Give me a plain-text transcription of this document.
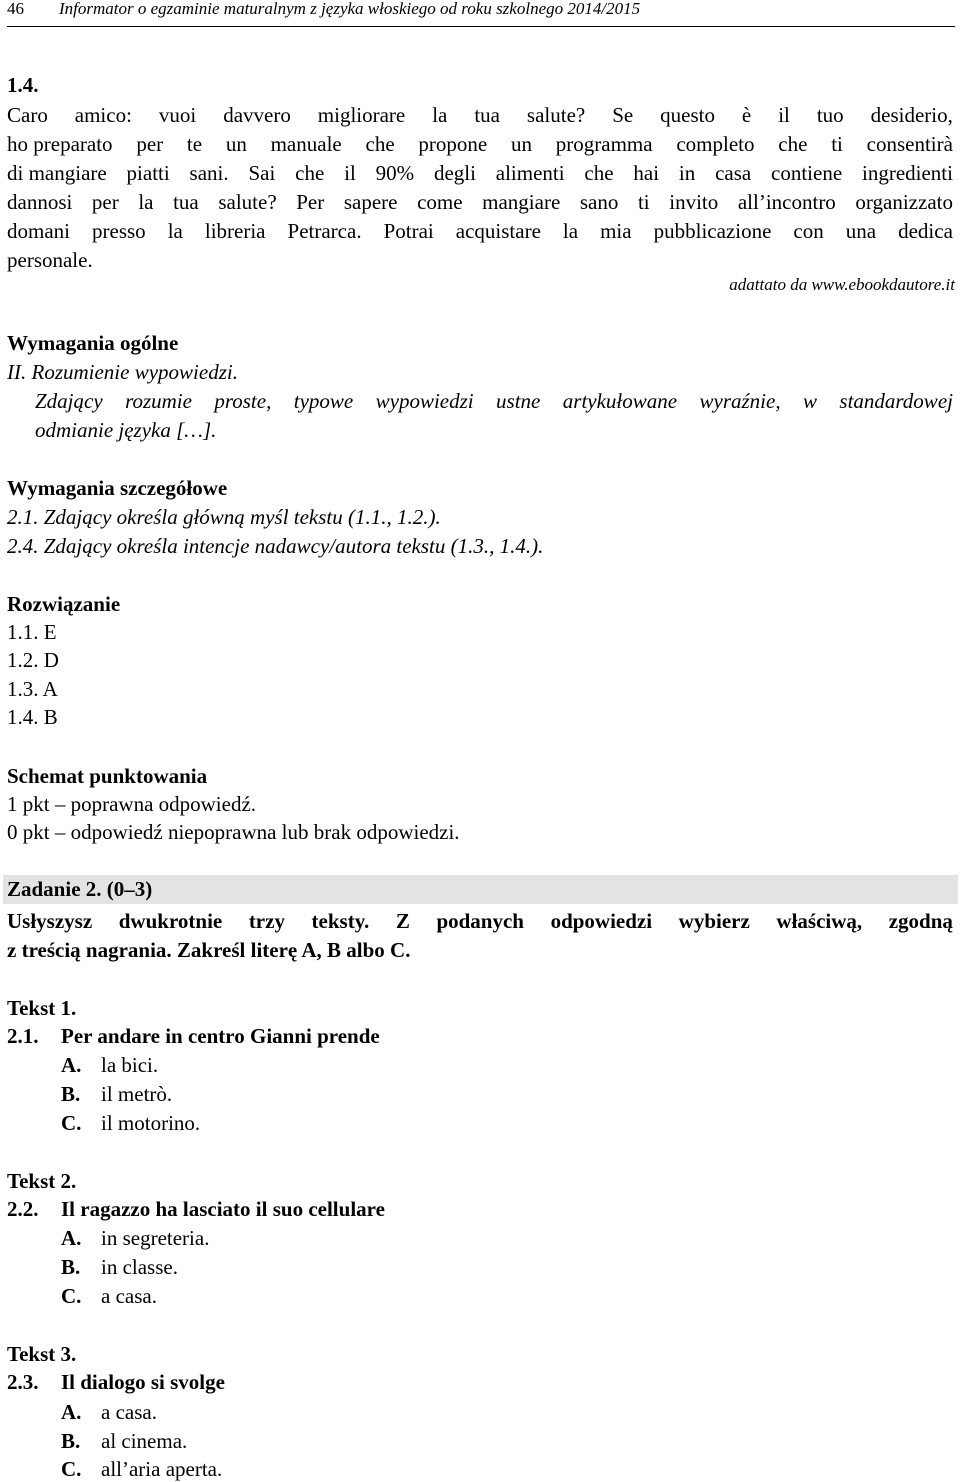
46 Informator o egzaminie maturalnym z języka włoskiego od roku szkolnego 2014/2015
1.4.
Caro amico: vuoi davvero migliorare la tua salute? Se questo è il tuo desiderio,
ho preparato per te un manuale che propone un programma completo che ti consentirà
di mangiare piatti sani. Sai che il 90% degli alimenti che hai in casa contiene ingredienti
dannosi per la tua salute? Per sapere come mangiare sano ti invito all’incontro organizzato
domani presso la libreria Petrarca. Potrai acquistare la mia pubblicazione con una dedica
personale.
adattato da www.ebookdautore.it
Wymagania ogólne
II. Rozumienie wypowiedzi.
Zdający rozumie proste, typowe wypowiedzi ustne artykułowane wyraźnie, w standardowej
odmianie języka […].
Wymagania szczegółowe
2.1. Zdający określa główną myśl tekstu (1.1., 1.2.).
2.4. Zdający określa intencje nadawcy/autora tekstu (1.3., 1.4.).
Rozwiązanie
1.1. E
1.2. D
1.3. A
1.4. B
Schemat punktowania
1 pkt – poprawna odpowiedź.
0 pkt – odpowiedź niepoprawna lub brak odpowiedzi.
Zadanie 2. (0–3)
Usłyszysz dwukrotnie trzy teksty. Z podanych odpowiedzi wybierz właściwą, zgodną
z treścią nagrania. Zakreśl literę A, B albo C.
Tekst 1.
2.1. Per andare in centro Gianni prende
A. la bici.
B. il metrò.
C. il motorino.
Tekst 2.
2.2. Il ragazzo ha lasciato il suo cellulare
A. in segreteria.
B. in classe.
C. a casa.
Tekst 3.
2.3. Il dialogo si svolge
A. a casa.
B. al cinema.
C. all’aria aperta.
